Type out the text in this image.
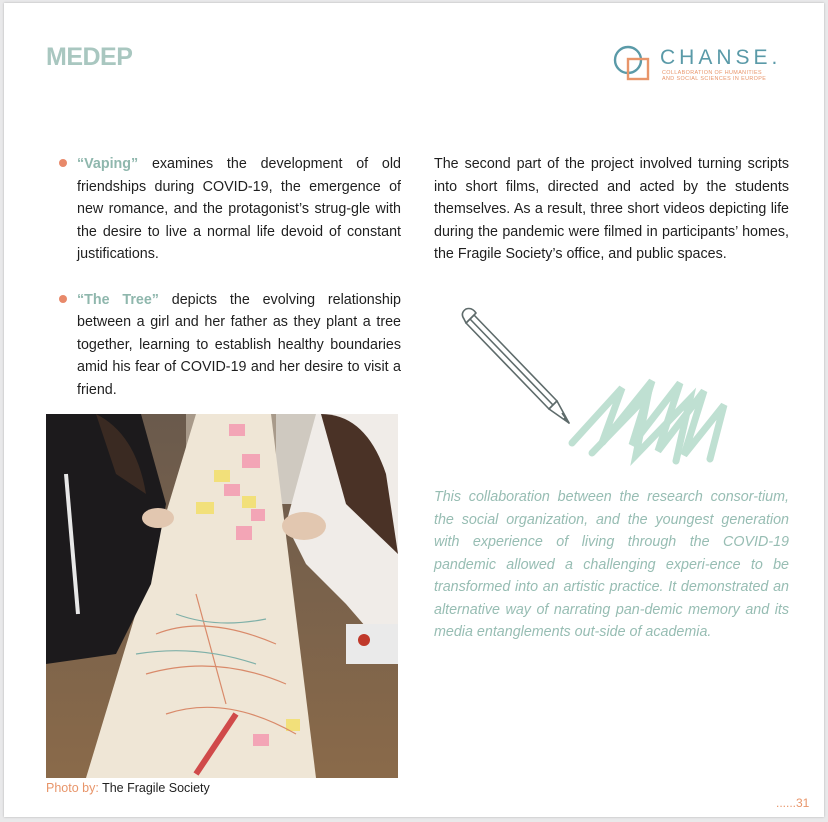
MEDEP	CHANSE.
COLLABORATION OF HUMANITIES
AND SOCIAL SCIENCES IN EUROPE

“Vaping” examines the development of old friendships during COVID-19, the emergence of new romance, and the protagonist’s strug-gle with the desire to live a normal life devoid of constant justifications.

“The Tree” depicts the evolving relationship between a girl and her father as they plant a tree together, learning to establish healthy boundaries amid his fear of COVID-19 and her desire to visit a friend.

The second part of the project involved turning scripts into short films, directed and acted by the students themselves. As a result, three short videos depicting life during the pandemic were filmed in participants’ homes, the Fragile Society’s office, and public spaces.

This collaboration between the research consor-tium, the social organization, and the youngest generation with experience of living through the COVID-19 pandemic allowed a challenging experi-ence to be transformed into an artistic practice. It demonstrated an alternative way of narrating pan-demic memory and its media entanglements out-side of academia.

Photo by: The Fragile Society
......31
